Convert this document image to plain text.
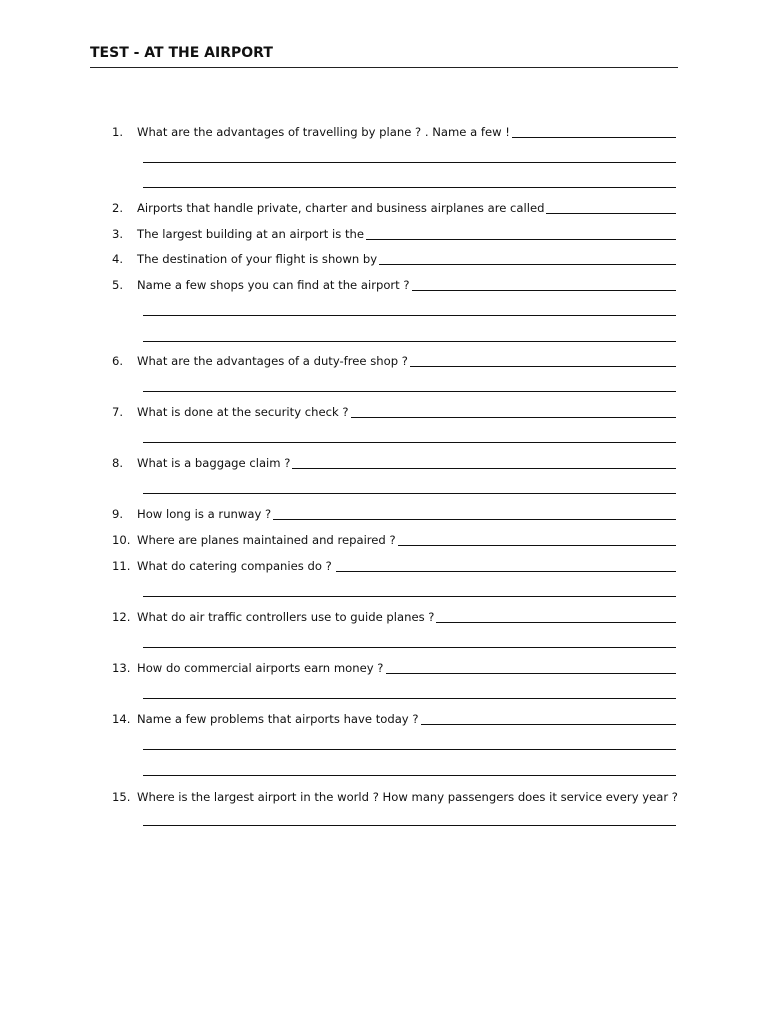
TEST - AT THE AIRPORT
1.	What are the advantages of travelling by plane ? . Name a few !
2.	Airports that handle private, charter and business airplanes are called
3.	The largest building at an airport is the
4.	The destination of your flight is shown by
5.	Name a few shops you can find at the airport ?
6.	What are the advantages of a duty-free shop ?
7.	What is done at the security check ?
8.	What is a baggage claim ?
9.	How long is a runway ?
10. Where are planes maintained and repaired ?
11. What do catering companies do ?
12. What do air traffic controllers use to guide planes ?
13. How do commercial airports earn money ?
14. Name a few problems that airports have today ?
15. Where is the largest airport in the world ? How many passengers does it service every year ?
